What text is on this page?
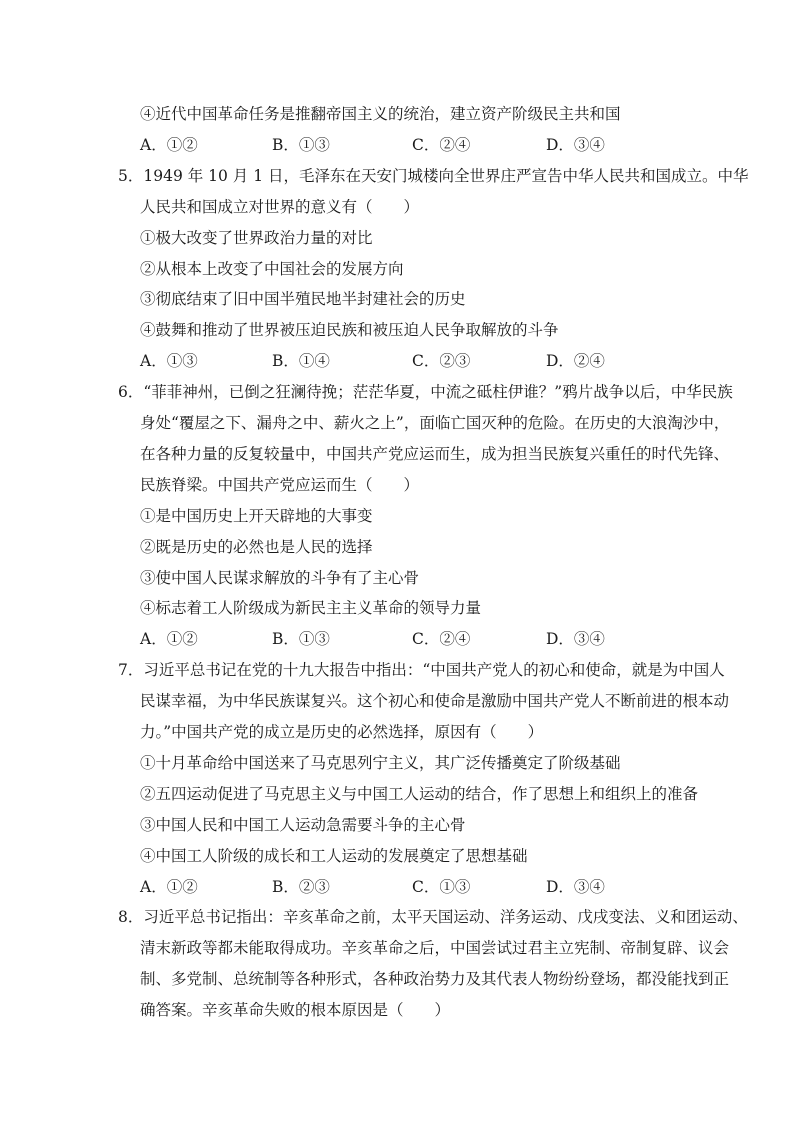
④近代中国革命任务是推翻帝国主义的统治，建立资产阶级民主共和国
A．①②	B．①③	C．②④	D．③④
5．1949 年 10 月 1 日，毛泽东在天安门城楼向全世界庄严宣告中华人民共和国成立。中华
人民共和国成立对世界的意义有（　　）
①极大改变了世界政治力量的对比
②从根本上改变了中国社会的发展方向
③彻底结束了旧中国半殖民地半封建社会的历史
④鼓舞和推动了世界被压迫民族和被压迫人民争取解放的斗争
A．①③	B．①④	C．②③	D．②④
6．“菲菲神州，已倒之狂澜待挽；茫茫华夏，中流之砥柱伊谁？”鸦片战争以后，中华民族
身处“覆屋之下、漏舟之中、薪火之上”，面临亡国灭种的危险。在历史的大浪淘沙中，
在各种力量的反复较量中，中国共产党应运而生，成为担当民族复兴重任的时代先锋、
民族脊梁。中国共产党应运而生（　　）
①是中国历史上开天辟地的大事变
②既是历史的必然也是人民的选择
③使中国人民谋求解放的斗争有了主心骨
④标志着工人阶级成为新民主主义革命的领导力量
A．①②	B．①③	C．②④	D．③④
7．习近平总书记在党的十九大报告中指出：“中国共产党人的初心和使命，就是为中国人
民谋幸福，为中华民族谋复兴。这个初心和使命是激励中国共产党人不断前进的根本动
力。”中国共产党的成立是历史的必然选择，原因有（　　）
①十月革命给中国送来了马克思列宁主义，其广泛传播奠定了阶级基础
②五四运动促进了马克思主义与中国工人运动的结合，作了思想上和组织上的准备
③中国人民和中国工人运动急需要斗争的主心骨
④中国工人阶级的成长和工人运动的发展奠定了思想基础
A．①②	B．②③	C．①③	D．③④
8．习近平总书记指出：辛亥革命之前，太平天国运动、洋务运动、戊戌变法、义和团运动、
清末新政等都未能取得成功。辛亥革命之后，中国尝试过君主立宪制、帝制复辟、议会
制、多党制、总统制等各种形式，各种政治势力及其代表人物纷纷登场，都没能找到正
确答案。辛亥革命失败的根本原因是（　　）
